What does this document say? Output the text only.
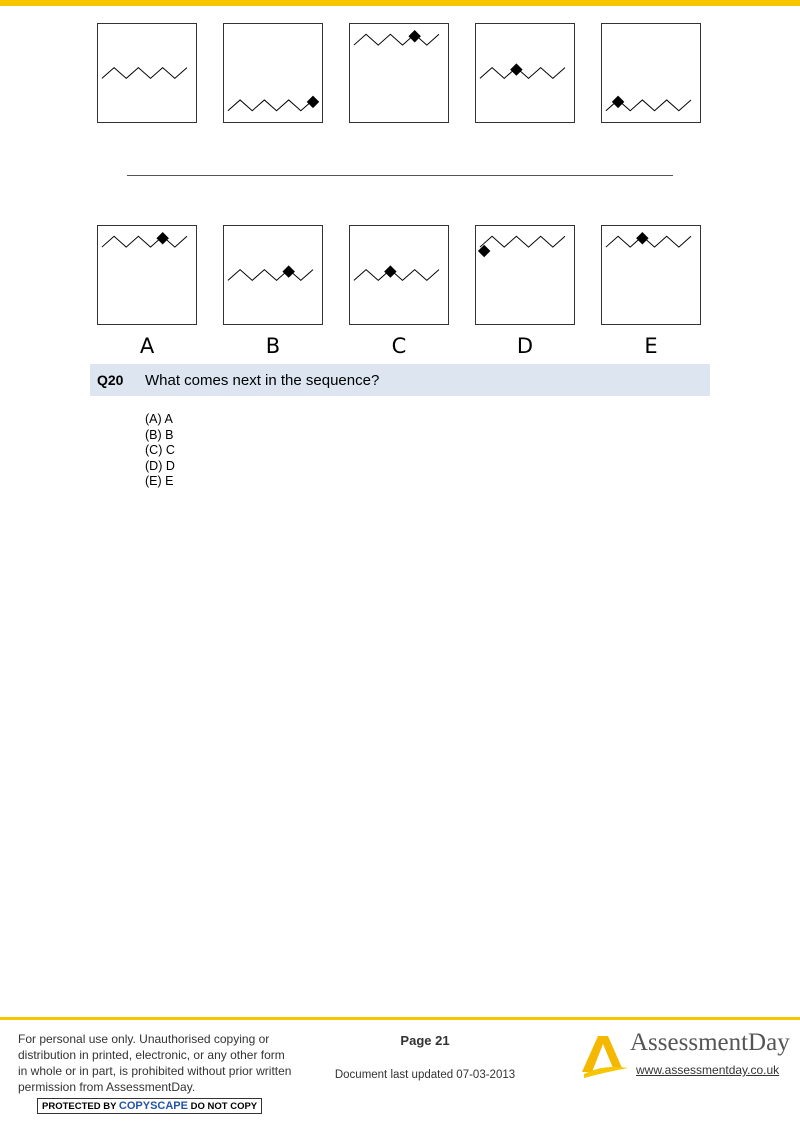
A	B	C	D	E
Q20 What comes next in the sequence?
(A) A
(B) B
(C) C
(D) D
(E) E
For personal use only. Unauthorised copying or distribution in printed, electronic, or any other form in whole or in part, is prohibited without prior written permission from AssessmentDay.
PROTECTED BY COPYSCAPE DO NOT COPY
Page 21
Document last updated 07-03-2013
AssessmentDay
www.assessmentday.co.uk
